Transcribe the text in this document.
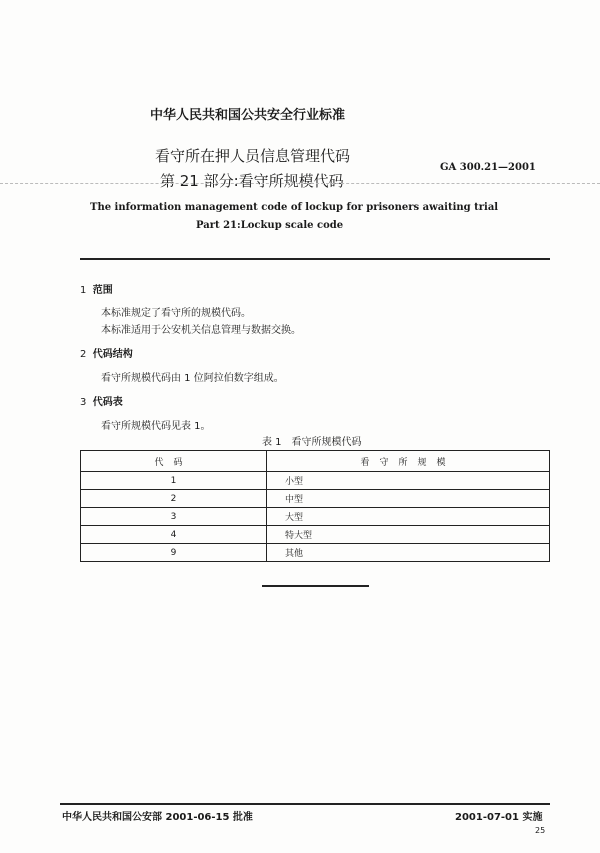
中华人民共和国公共安全行业标准
看守所在押人员信息管理代码
第 21 部分:看守所规模代码
GA 300.21—2001
The information management code of lockup for prisoners awaiting trial
Part 21:Lockup scale code
1 范围
本标准规定了看守所的规模代码。
本标准适用于公安机关信息管理与数据交换。
2 代码结构
看守所规模代码由 1 位阿拉伯数字组成。
3 代码表
看守所规模代码见表 1。
表 1　看守所规模代码
代码	看守所规模
1	小型
2	中型
3	大型
4	特大型
9	其他
中华人民共和国公安部 2001-06-15 批准	2001-07-01 实施
25
